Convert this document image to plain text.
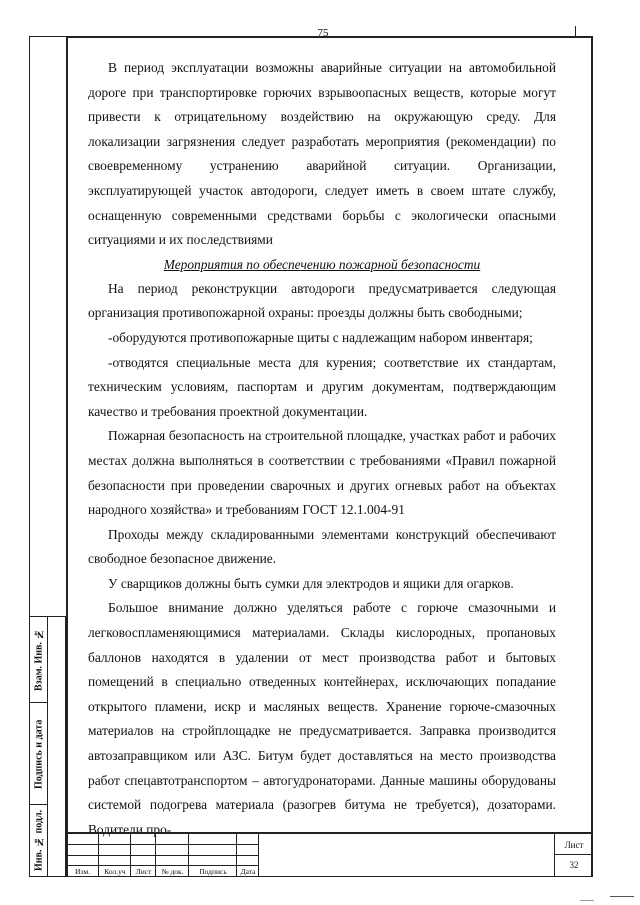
75

В период эксплуатации возможны аварийные ситуации на автомобильной дороге при транспортировке горючих взрывоопасных веществ, которые могут привести к отрицательному воздействию на окружающую среду. Для локализации загрязнения следует разработать мероприятия (рекомендации) по своевременному устранению аварийной ситуации. Организации, эксплуатирующей участок автодороги, следует иметь в своем штате службу, оснащенную современными средствами борьбы с экологически опасными ситуациями и их последствиями

Мероприятия по обеспечению пожарной безопасности

На период реконструкции автодороги предусматривается следующая организация противопожарной охраны: проезды должны быть свободными;

-оборудуются противопожарные щиты с надлежащим набором инвентаря;

-отводятся специальные места для курения; соответствие их стандартам, техническим условиям, паспортам и другим документам, подтверждающим качество и требования проектной документации.

Пожарная безопасность на строительной площадке, участках работ и рабочих местах должна выполняться в соответствии с требованиями «Правил пожарной безопасности при проведении сварочных и других огневых работ на объектах народного хозяйства» и требованиям ГОСТ 12.1.004-91

Проходы между складированными элементами конструкций обеспечивают свободное безопасное движение.

У сварщиков должны быть сумки для электродов и ящики для огарков.

Большое внимание должно уделяться работе с горюче смазочными и легковоспламеняющимися материалами. Склады кислородных, пропановых баллонов находятся в удалении от мест производства работ и бытовых помещений в специально отведенных контейнерах, исключающих попадание открытого пламени, искр и масляных веществ. Хранение горюче-смазочных материалов на стройплощадке не предусматривается. Заправка производится автозаправщиком или АЗС. Битум будет доставляться на место производства работ спецавтотранспортом – автогудронаторами. Данные машины оборудованы системой подогрева материала (разогрев битума не требуется), дозаторами. Водители про-

Взам. Инв. №
Подпись и дата
Инв. № подл.
Изм.	Кол.уч	Лист	№ док.	Подпись	Дата
Лист
32
